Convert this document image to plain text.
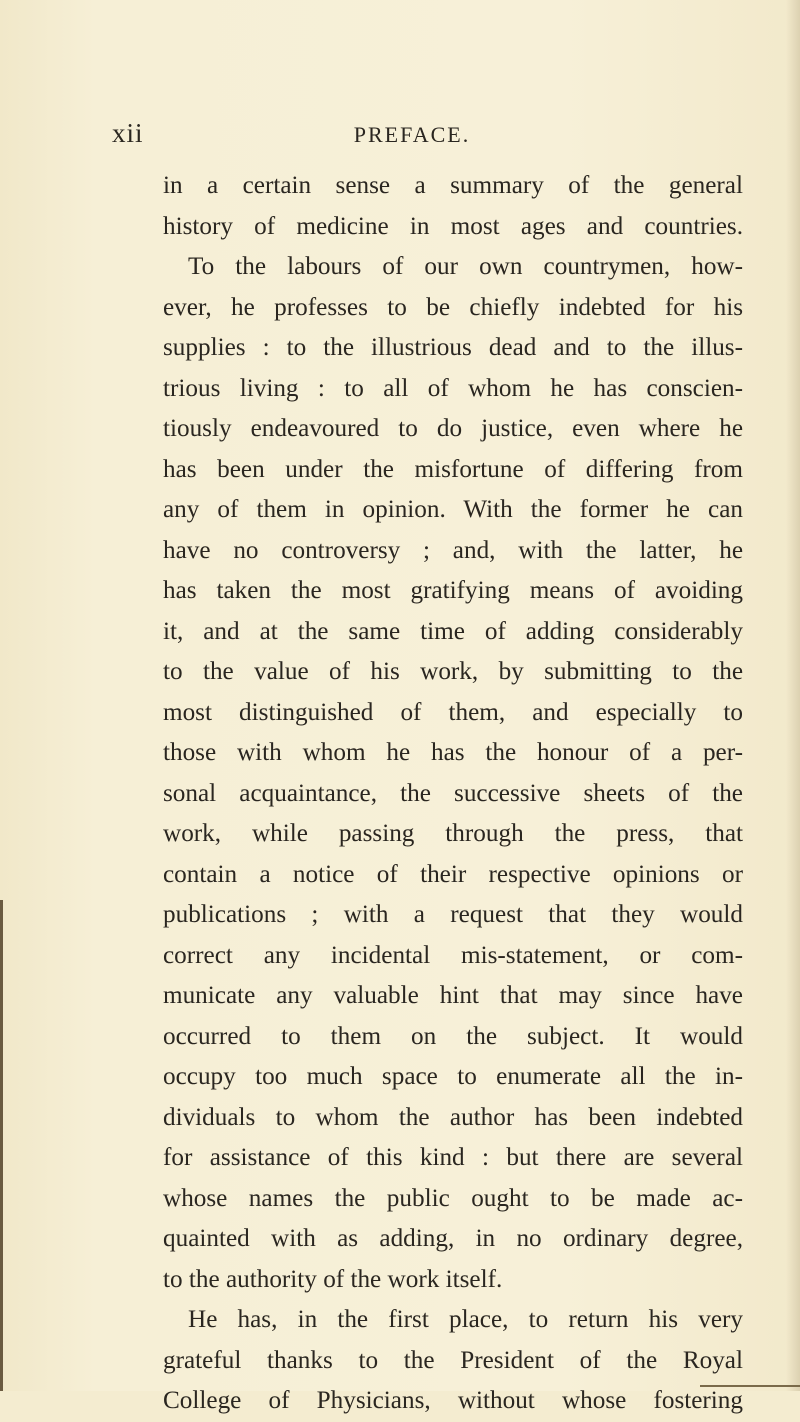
xii	PREFACE.
in a certain sense a summary of the general
history of medicine in most ages and countries.
To the labours of our own countrymen, how-
ever, he professes to be chiefly indebted for his
supplies : to the illustrious dead and to the illus-
trious living : to all of whom he has conscien-
tiously endeavoured to do justice, even where he
has been under the misfortune of differing from
any of them in opinion. With the former he can
have no controversy ; and, with the latter, he
has taken the most gratifying means of avoiding
it, and at the same time of adding considerably
to the value of his work, by submitting to the
most distinguished of them, and especially to
those with whom he has the honour of a per-
sonal acquaintance, the successive sheets of the
work, while passing through the press, that
contain a notice of their respective opinions or
publications ; with a request that they would
correct any incidental mis-statement, or com-
municate any valuable hint that may since have
occurred to them on the subject. It would
occupy too much space to enumerate all the in-
dividuals to whom the author has been indebted
for assistance of this kind : but there are several
whose names the public ought to be made ac-
quainted with as adding, in no ordinary degree,
to the authority of the work itself.
He has, in the first place, to return his very
grateful thanks to the President of the Royal
College of Physicians, without whose fostering
